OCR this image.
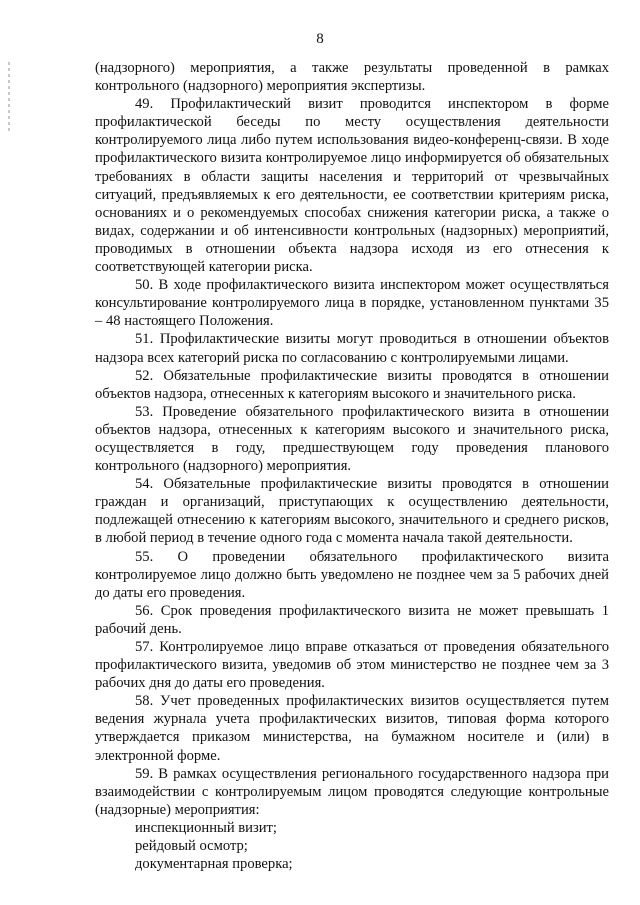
8

(надзорного) мероприятия, а также результаты проведенной в рамках контрольного (надзорного) мероприятия экспертизы.

49. Профилактический визит проводится инспектором в форме профилактической беседы по месту осуществления деятельности контролируемого лица либо путем использования видео-конференц-связи. В ходе профилактического визита контролируемое лицо информируется об обязательных требованиях в области защиты населения и территорий от чрезвычайных ситуаций, предъявляемых к его деятельности, ее соответствии критериям риска, основаниях и о рекомендуемых способах снижения категории риска, а также о видах, содержании и об интенсивности контрольных (надзорных) мероприятий, проводимых в отношении объекта надзора исходя из его отнесения к соответствующей категории риска.

50. В ходе профилактического визита инспектором может осуществляться консультирование контролируемого лица в порядке, установленном пунктами 35 – 48 настоящего Положения.

51. Профилактические визиты могут проводиться в отношении объектов надзора всех категорий риска по согласованию с контролируемыми лицами.

52. Обязательные профилактические визиты проводятся в отношении объектов надзора, отнесенных к категориям высокого и значительного риска.

53. Проведение обязательного профилактического визита в отношении объектов надзора, отнесенных к категориям высокого и значительного риска, осуществляется в году, предшествующем году проведения планового контрольного (надзорного) мероприятия.

54. Обязательные профилактические визиты проводятся в отношении граждан и организаций, приступающих к осуществлению деятельности, подлежащей отнесению к категориям высокого, значительного и среднего рисков, в любой период в течение одного года с момента начала такой деятельности.

55. О проведении обязательного профилактического визита контролируемое лицо должно быть уведомлено не позднее чем за 5 рабочих дней до даты его проведения.

56. Срок проведения профилактического визита не может превышать 1 рабочий день.

57. Контролируемое лицо вправе отказаться от проведения обязательного профилактического визита, уведомив об этом министерство не позднее чем за 3 рабочих дня до даты его проведения.

58. Учет проведенных профилактических визитов осуществляется путем ведения журнала учета профилактических визитов, типовая форма которого утверждается приказом министерства, на бумажном носителе и (или) в электронной форме.

59. В рамках осуществления регионального государственного надзора при взаимодействии с контролируемым лицом проводятся следующие контрольные (надзорные) мероприятия:

инспекционный визит;

рейдовый осмотр;

документарная проверка;
